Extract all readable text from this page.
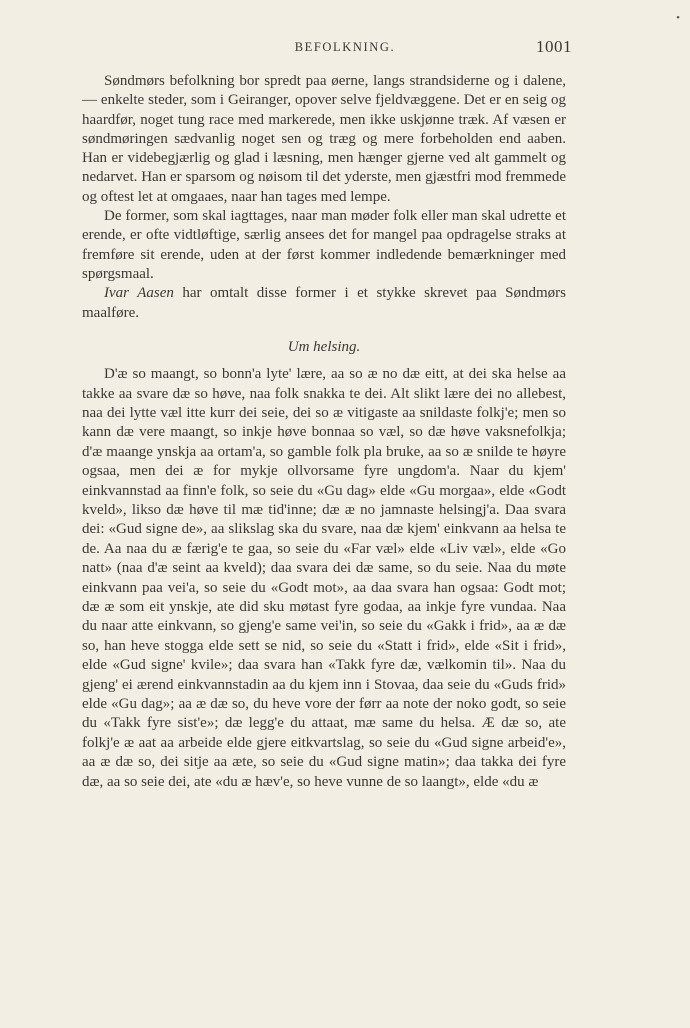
•
BEFOLKNING.	1001

Søndmørs befolkning bor spredt paa øerne, langs strandsiderne og i dalene, — enkelte steder, som i Geiranger, opover selve fjeldvæggene. Det er en seig og haardfør, noget tung race med markerede, men ikke uskjønne træk. Af væsen er søndmøringen sædvanlig noget sen og træg og mere forbeholden end aaben. Han er videbegjærlig og glad i læsning, men hænger gjerne ved alt gammelt og nedarvet. Han er sparsom og nøisom til det yderste, men gjæstfri mod fremmede og oftest let at omgaaes, naar han tages med lempe.

De former, som skal iagttages, naar man møder folk eller man skal udrette et erende, er ofte vidtløftige, særlig ansees det for mangel paa opdragelse straks at fremføre sit erende, uden at der først kommer indledende bemærkninger med spørgsmaal.

Ivar Aasen har omtalt disse former i et stykke skrevet paa Søndmørs maalføre.

Um helsing.

D'æ so maangt, so bonn'a lyte' lære, aa so æ no dæ eitt, at dei ska helse aa takke aa svare dæ so høve, naa folk snakka te dei. Alt slikt lære dei no allebest, naa dei lytte væl itte kurr dei seie, dei so æ vitigaste aa snildaste folkj'e; men so kann dæ vere maangt, so inkje høve bonnaa so væl, so dæ høve vaksnefolkja; d'æ maange ynskja aa ortam'a, so gamble folk pla bruke, aa so æ snilde te høyre ogsaa, men dei æ for mykje ollvorsame fyre ungdom'a. Naar du kjem' einkvannstad aa finn'e folk, so seie du «Gu dag» elde «Gu morgaa», elde «Godt kveld», likso dæ høve til mæ tid'inne; dæ æ no jamnaste helsingj'a. Daa svara dei: «Gud signe de», aa slikslag ska du svare, naa dæ kjem' einkvann aa helsa te de. Aa naa du æ færig'e te gaa, so seie du «Far væl» elde «Liv væl», elde «Go natt» (naa d'æ seint aa kveld); daa svara dei dæ same, so du seie. Naa du møte einkvann paa vei'a, so seie du «Godt mot», aa daa svara han ogsaa: Godt mot; dæ æ som eit ynskje, ate did sku møtast fyre godaa, aa inkje fyre vundaa. Naa du naar atte einkvann, so gjeng'e same vei'in, so seie du «Gakk i frid», aa æ dæ so, han heve stogga elde sett se nid, so seie du «Statt i frid», elde «Sit i frid», elde «Gud signe' kvile»; daa svara han «Takk fyre dæ, vælkomin til». Naa du gjeng' ei ærend einkvannstadin aa du kjem inn i Stovaa, daa seie du «Guds frid» elde «Gu dag»; aa æ dæ so, du heve vore der førr aa note der noko godt, so seie du «Takk fyre sist'e»; dæ legg'e du attaat, mæ same du helsa. Æ dæ so, ate folkj'e æ aat aa arbeide elde gjere eitkvartslag, so seie du «Gud signe arbeid'e», aa æ dæ so, dei sitje aa æte, so seie du «Gud signe matin»; daa takka dei fyre dæ, aa so seie dei, ate «du æ hæv'e, so heve vunne de so laangt», elde «du æ
